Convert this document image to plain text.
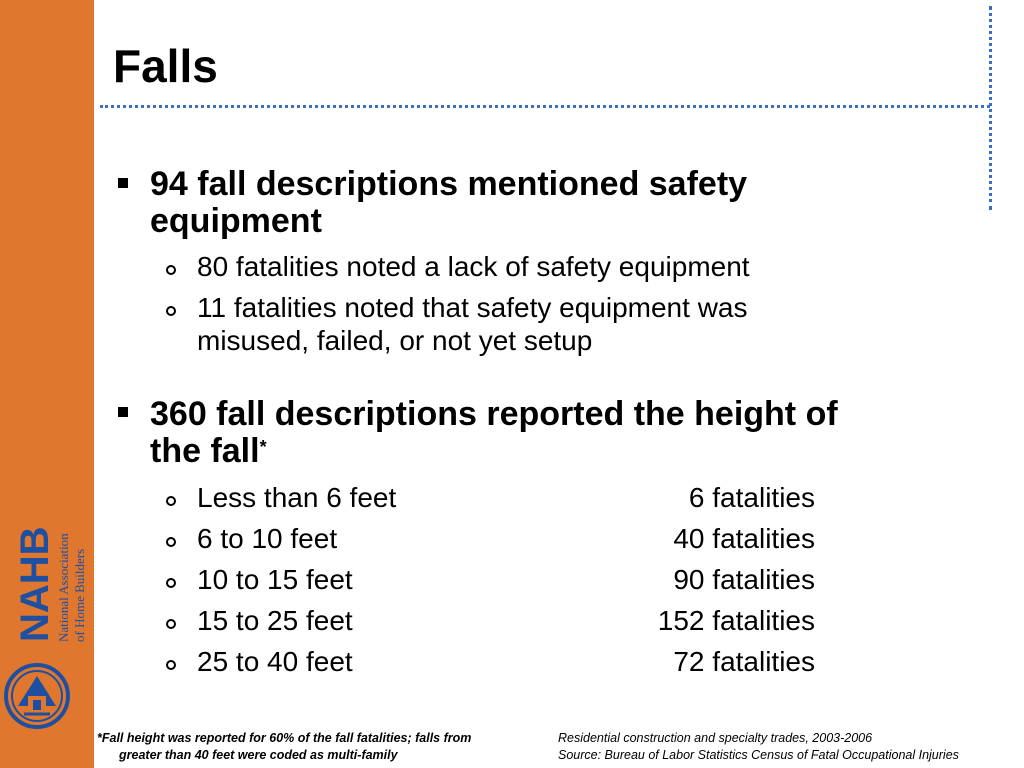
NAHB National Association of Home Builders
Falls
94 fall descriptions mentioned safety
equipment
80 fatalities noted a lack of safety equipment
11 fatalities noted that safety equipment was
misused, failed, or not yet setup
360 fall descriptions reported the height of
the fall*
Less than 6 feet	6 fatalities
6 to 10 feet	40 fatalities
10 to 15 feet	90 fatalities
15 to 25 feet	152 fatalities
25 to 40 feet	72 fatalities
*Fall height was reported for 60% of the fall fatalities; falls from
greater than 40 feet were coded as multi-family
Residential construction and specialty trades, 2003-2006
Source: Bureau of Labor Statistics Census of Fatal Occupational Injuries
